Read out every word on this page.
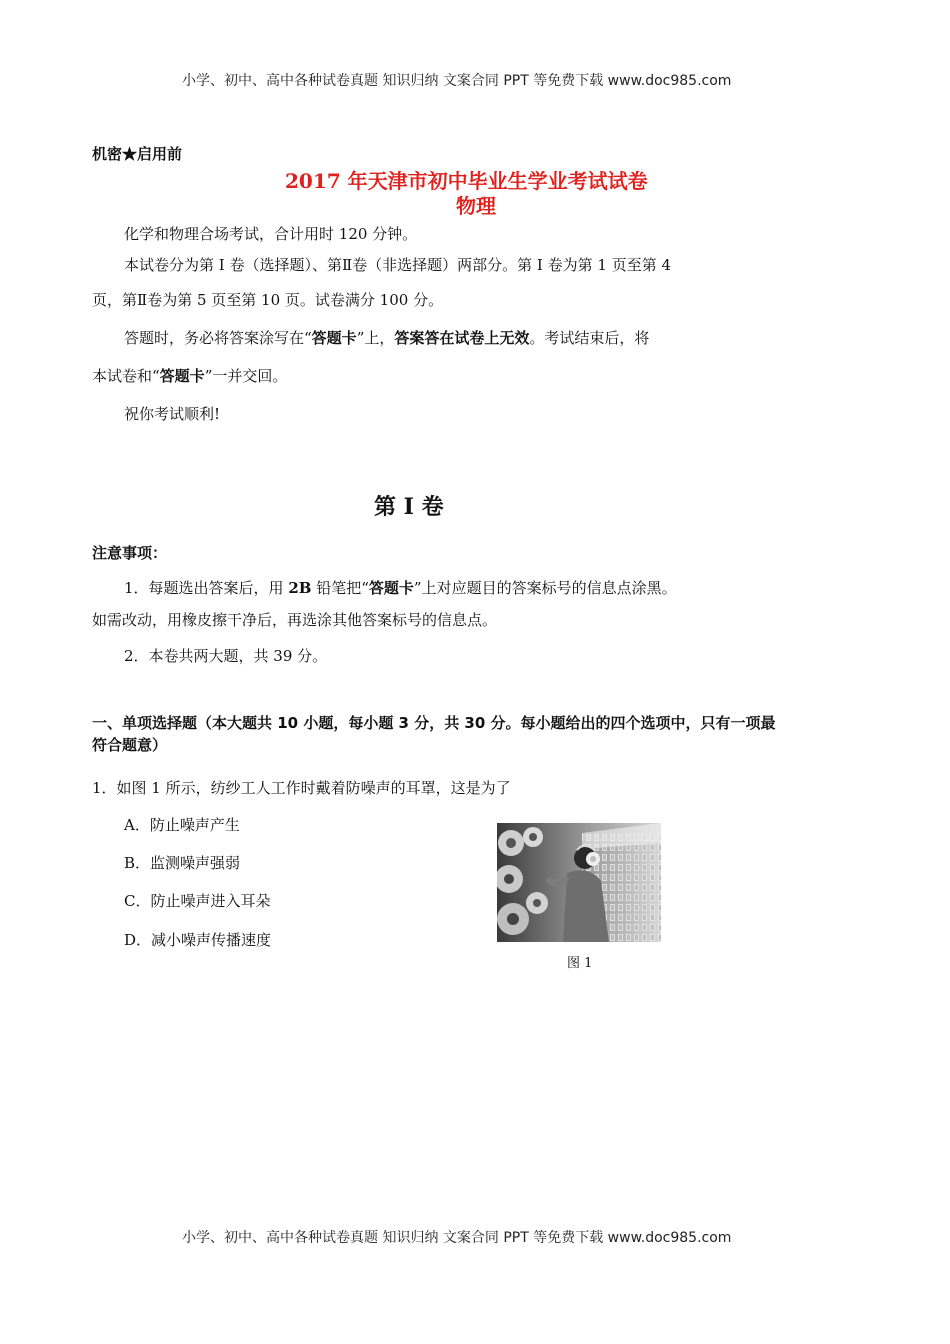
小学、初中、高中各种试卷真题 知识归纳 文案合同 PPT 等免费下载 www.doc985.com
机密★启用前
2017 年天津市初中毕业生学业考试试卷
物理
化学和物理合场考试，合计用时 120 分钟。
本试卷分为第 I 卷（选择题）、第Ⅱ卷（非选择题）两部分。第 I 卷为第 1 页至第 4
页，第Ⅱ卷为第 5 页至第 10 页。试卷满分 100 分。
答题时，务必将答案涂写在“答题卡”上，答案答在试卷上无效。考试结束后，将
本试卷和“答题卡”一并交回。
祝你考试顺利!
第 I 卷
注意事项：
1．每题选出答案后，用 2B 铅笔把“答题卡”上对应题目的答案标号的信息点涂黑。
如需改动，用橡皮擦干净后，再选涂其他答案标号的信息点。
2．本卷共两大题，共 39 分。
一、单项选择题（本大题共 10 小题，每小题 3 分，共 30 分。每小题给出的四个选项中，只有一项最
符合题意）
1．如图 1 所示，纺纱工人工作时戴着防噪声的耳罩，这是为了
A．防止噪声产生
B．监测噪声强弱
C．防止噪声进入耳朵
D．减小噪声传播速度
图 1
小学、初中、高中各种试卷真题 知识归纳 文案合同 PPT 等免费下载 www.doc985.com
